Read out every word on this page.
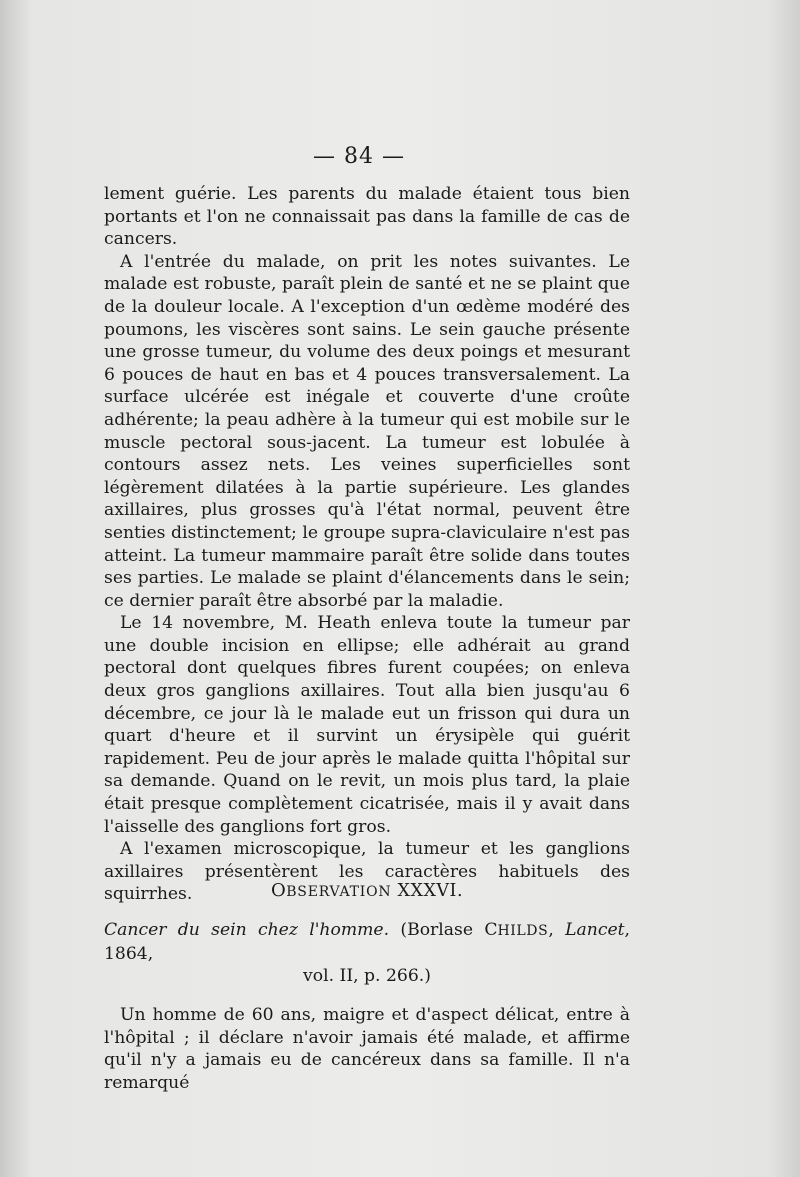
— 84 —

lement guérie. Les parents du malade étaient tous bien portants et l'on ne connaissait pas dans la famille de cas de cancers.

A l'entrée du malade, on prit les notes suivantes. Le malade est robuste, paraît plein de santé et ne se plaint que de la douleur locale. A l'exception d'un œdème modéré des poumons, les viscères sont sains. Le sein gauche présente une grosse tumeur, du volume des deux poings et mesurant 6 pouces de haut en bas et 4 pouces transversalement. La surface ulcérée est inégale et couverte d'une croûte adhérente; la peau adhère à la tumeur qui est mobile sur le muscle pectoral sous-jacent. La tumeur est lobulée à contours assez nets. Les veines superficielles sont légèrement dilatées à la partie supérieure. Les glandes axillaires, plus grosses qu'à l'état normal, peuvent être senties distinctement; le groupe supra-claviculaire n'est pas atteint. La tumeur mammaire paraît être solide dans toutes ses parties. Le malade se plaint d'élancements dans le sein; ce dernier paraît être absorbé par la maladie.

Le 14 novembre, M. Heath enleva toute la tumeur par une double incision en ellipse; elle adhérait au grand pectoral dont quelques fibres furent coupées; on enleva deux gros ganglions axillaires. Tout alla bien jusqu'au 6 décembre, ce jour là le malade eut un frisson qui dura un quart d'heure et il survint un érysipèle qui guérit rapidement. Peu de jour après le malade quitta l'hôpital sur sa demande. Quand on le revit, un mois plus tard, la plaie était presque complètement cicatrisée, mais il y avait dans l'aisselle des ganglions fort gros.

A l'examen microscopique, la tumeur et les ganglions axillaires présentèrent les caractères habituels des squirrhes.	OBSERVATION XXXVI.
Cancer du sein chez l'homme. (Borlase CHILDS, Lancet, 1864,
vol. II, p. 266.)

Un homme de 60 ans, maigre et d'aspect délicat, entre à l'hôpital ; il déclare n'avoir jamais été malade, et affirme qu'il n'y a jamais eu de cancéreux dans sa famille. Il n'a remarqué
